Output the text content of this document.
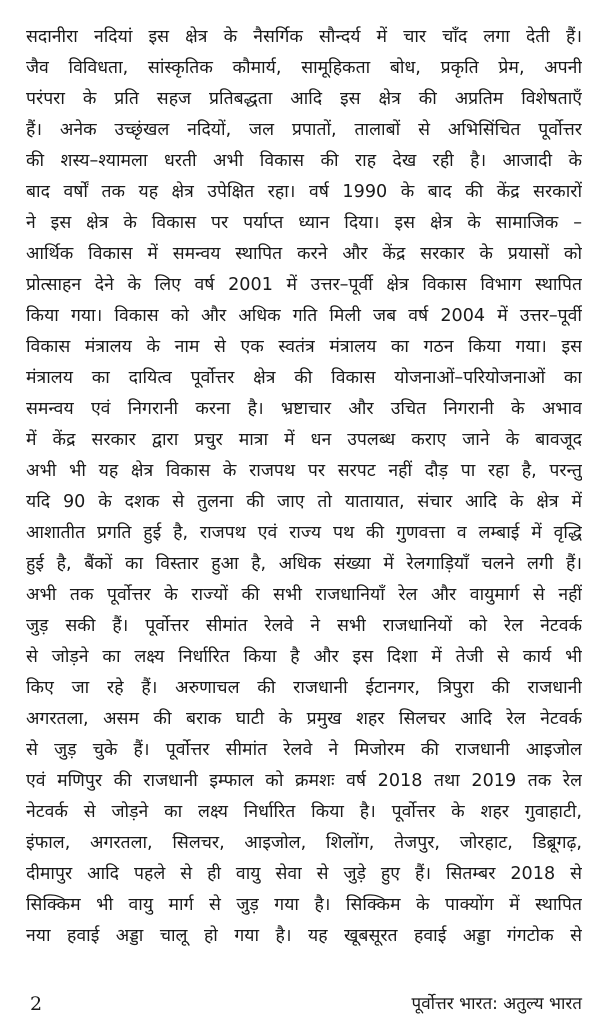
सदानीरा नदियां इस क्षेत्र के नैसर्गिक सौन्दर्य में चार चाँद लगा देती हैं।
जैव विविधता, सांस्कृतिक कौमार्य, सामूहिकता बोध, प्रकृति प्रेम, अपनी
परंपरा के प्रति सहज प्रतिबद्धता आदि इस क्षेत्र की अप्रतिम विशेषताएँ
हैं। अनेक उच्छृंखल नदियों, जल प्रपातों, तालाबों से अभिसिंचित पूर्वोत्तर
की शस्य–श्यामला धरती अभी विकास की राह देख रही है। आजादी के
बाद वर्षों तक यह क्षेत्र उपेक्षित रहा। वर्ष 1990 के बाद की केंद्र सरकारों
ने इस क्षेत्र के विकास पर पर्याप्त ध्यान दिया। इस क्षेत्र के सामाजिक –
आर्थिक विकास में समन्वय स्थापित करने और केंद्र सरकार के प्रयासों को
प्रोत्साहन देने के लिए वर्ष 2001 में उत्तर–पूर्वी क्षेत्र विकास विभाग स्थापित
किया गया। विकास को और अधिक गति मिली जब वर्ष 2004 में उत्तर–पूर्वी
विकास मंत्रालय के नाम से एक स्वतंत्र मंत्रालय का गठन किया गया। इस
मंत्रालय का दायित्व पूर्वोत्तर क्षेत्र की विकास योजनाओं–परियोजनाओं का
समन्वय एवं निगरानी करना है। भ्रष्टाचार और उचित निगरानी के अभाव
में केंद्र सरकार द्वारा प्रचुर मात्रा में धन उपलब्ध कराए जाने के बावजूद
अभी भी यह क्षेत्र विकास के राजपथ पर सरपट नहीं दौड़ पा रहा है, परन्तु
यदि 90 के दशक से तुलना की जाए तो यातायात, संचार आदि के क्षेत्र में
आशातीत प्रगति हुई है, राजपथ एवं राज्य पथ की गुणवत्ता व लम्बाई में वृद्धि
हुई है, बैंकों का विस्तार हुआ है, अधिक संख्या में रेलगाड़ियाँ चलने लगी हैं।
अभी तक पूर्वोत्तर के राज्यों की सभी राजधानियाँ रेल और वायुमार्ग से नहीं
जुड़ सकी हैं। पूर्वोत्तर सीमांत रेलवे ने सभी राजधानियों को रेल नेटवर्क
से जोड़ने का लक्ष्य निर्धारित किया है और इस दिशा में तेजी से कार्य भी
किए जा रहे हैं। अरुणाचल की राजधानी ईटानगर, त्रिपुरा की राजधानी
अगरतला, असम की बराक घाटी के प्रमुख शहर सिलचर आदि रेल नेटवर्क
से जुड़ चुके हैं। पूर्वोत्तर सीमांत रेलवे ने मिजोरम की राजधानी आइजोल
एवं मणिपुर की राजधानी इम्फाल को क्रमशः वर्ष 2018 तथा 2019 तक रेल
नेटवर्क से जोड़ने का लक्ष्य निर्धारित किया है। पूर्वोत्तर के शहर गुवाहाटी,
इंफाल, अगरतला, सिलचर, आइजोल, शिलोंग, तेजपुर, जोरहाट, डिब्रूगढ़,
दीमापुर आदि पहले से ही वायु सेवा से जुड़े हुए हैं। सितम्बर 2018 से
सिक्किम भी वायु मार्ग से जुड़ गया है। सिक्किम के पाक्योंग में स्थापित
नया हवाई अड्डा चालू हो गया है। यह खूबसूरत हवाई अड्डा गंगटोक से
2	पूर्वोत्तर भारत: अतुल्य भारत
